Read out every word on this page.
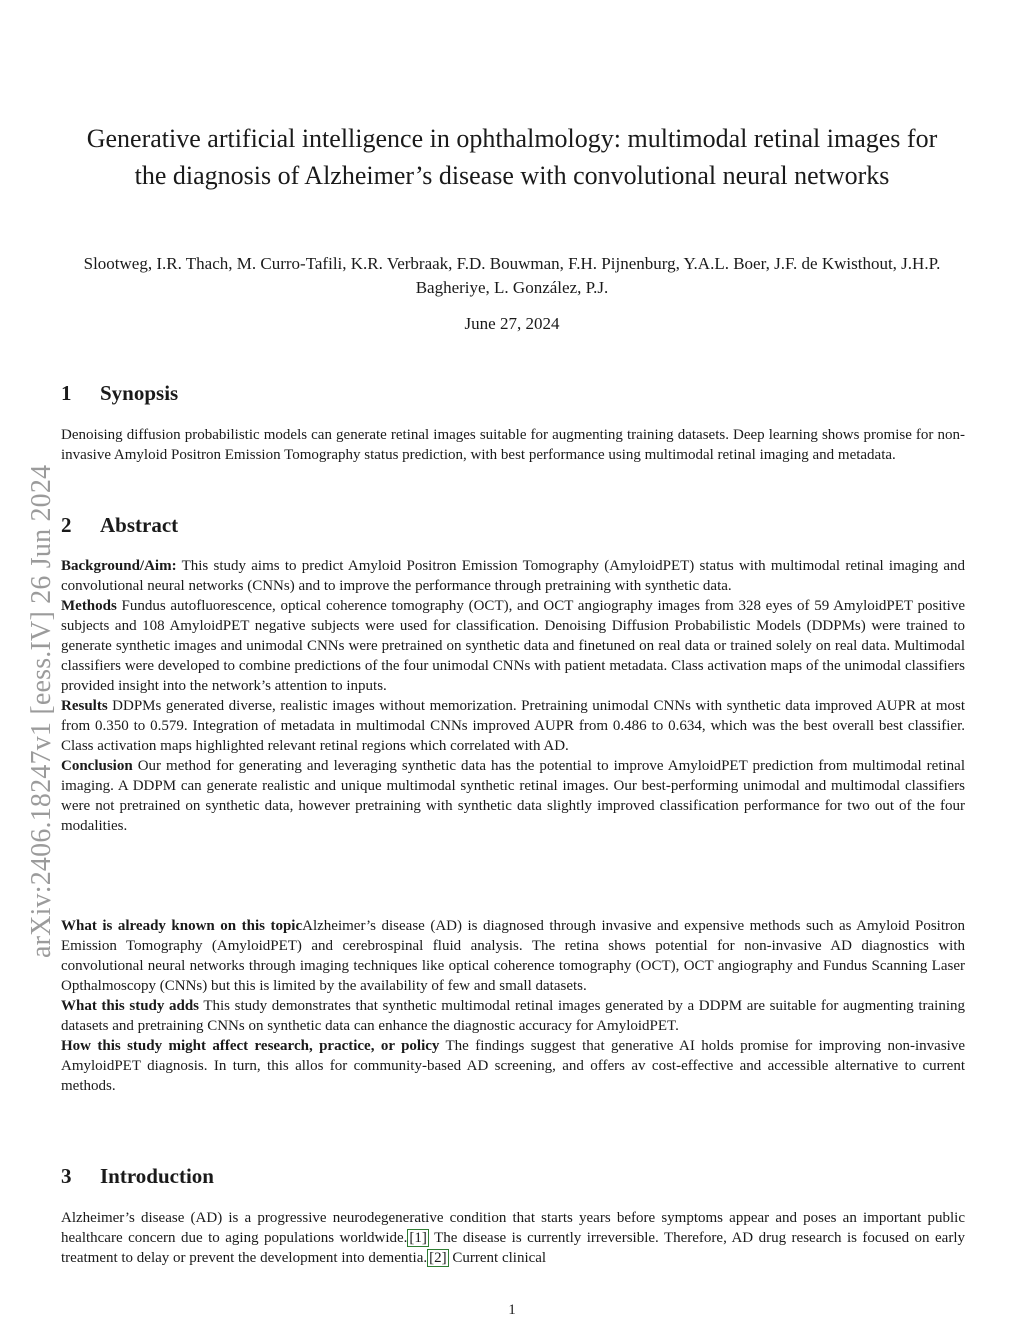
arXiv:2406.18247v1 [eess.IV] 26 Jun 2024
Generative artificial intelligence in ophthalmology: multimodal retinal images for the diagnosis of Alzheimer’s disease with convolutional neural networks
Slootweg, I.R. Thach, M. Curro-Tafili, K.R. Verbraak, F.D. Bouwman, F.H. Pijnenburg, Y.A.L. Boer, J.F. de Kwisthout, J.H.P. Bagheriye, L. González, P.J.
June 27, 2024
1 Synopsis

Denoising diffusion probabilistic models can generate retinal images suitable for augmenting training datasets. Deep learning shows promise for non-invasive Amyloid Positron Emission Tomography status prediction, with best performance using multimodal retinal imaging and metadata.

2 Abstract

Background/Aim: This study aims to predict Amyloid Positron Emission Tomography (AmyloidPET) status with multimodal retinal imaging and convolutional neural networks (CNNs) and to improve the performance through pretraining with synthetic data.

Methods Fundus autofluorescence, optical coherence tomography (OCT), and OCT angiography images from 328 eyes of 59 AmyloidPET positive subjects and 108 AmyloidPET negative subjects were used for classification. Denoising Diffusion Probabilistic Models (DDPMs) were trained to generate synthetic images and unimodal CNNs were pretrained on synthetic data and finetuned on real data or trained solely on real data. Multimodal classifiers were developed to combine predictions of the four unimodal CNNs with patient metadata. Class activation maps of the unimodal classifiers provided insight into the network’s attention to inputs.

Results DDPMs generated diverse, realistic images without memorization. Pretraining unimodal CNNs with synthetic data improved AUPR at most from 0.350 to 0.579. Integration of metadata in multimodal CNNs improved AUPR from 0.486 to 0.634, which was the best overall best classifier. Class activation maps highlighted relevant retinal regions which correlated with AD.

Conclusion Our method for generating and leveraging synthetic data has the potential to improve AmyloidPET prediction from multimodal retinal imaging. A DDPM can generate realistic and unique multimodal synthetic retinal images. Our best-performing unimodal and multimodal classifiers were not pretrained on synthetic data, however pretraining with synthetic data slightly improved classification performance for two out of the four modalities.

What is already known on this topicAlzheimer’s disease (AD) is diagnosed through invasive and expensive methods such as Amyloid Positron Emission Tomography (AmyloidPET) and cerebrospinal fluid analysis. The retina shows potential for non-invasive AD diagnostics with convolutional neural networks through imaging techniques like optical coherence tomography (OCT), OCT angiography and Fundus Scanning Laser Opthalmoscopy (CNNs) but this is limited by the availability of few and small datasets.

What this study adds This study demonstrates that synthetic multimodal retinal images generated by a DDPM are suitable for augmenting training datasets and pretraining CNNs on synthetic data can enhance the diagnostic accuracy for AmyloidPET.

How this study might affect research, practice, or policy The findings suggest that generative AI holds promise for improving non-invasive AmyloidPET diagnosis. In turn, this allos for community-based AD screening, and offers av cost-effective and accessible alternative to current methods.

3 Introduction

Alzheimer’s disease (AD) is a progressive neurodegenerative condition that starts years before symptoms appear and poses an important public healthcare concern due to aging populations worldwide. [1] The disease is currently irreversible. Therefore, AD drug research is focused on early treatment to delay or prevent the development into dementia. [2] Current clinical

1
